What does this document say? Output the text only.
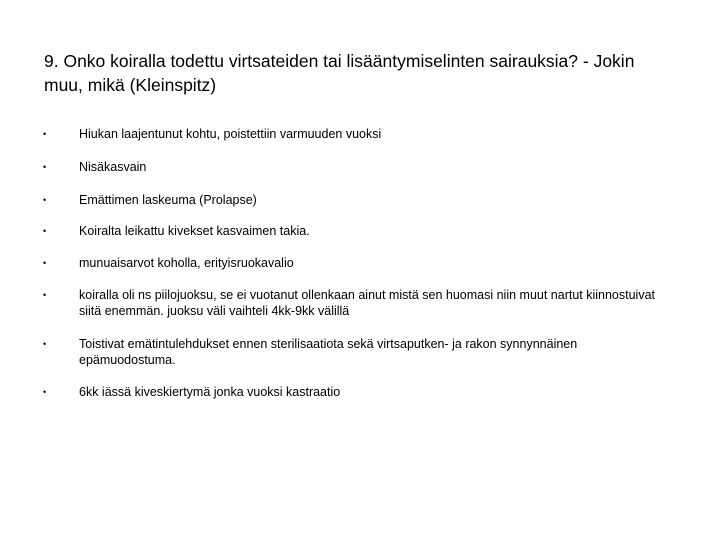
9. Onko koiralla todettu virtsateiden tai lisääntymiselinten sairauksia? - Jokin muu, mikä (Kleinspitz)
•	Hiukan laajentunut kohtu, poistettiin varmuuden vuoksi
•	Nisäkasvain
•	Emättimen laskeuma (Prolapse)
•	Koiralta leikattu kivekset kasvaimen takia.
•	munuaisarvot koholla, erityisruokavalio
•	koiralla oli ns piilojuoksu, se ei vuotanut ollenkaan ainut mistä sen huomasi niin muut nartut kiinnostuivat siitä enemmän. juoksu väli vaihteli 4kk-9kk välillä
•	Toistivat emätintulehdukset ennen sterilisaatiota sekä virtsaputken- ja rakon synnynnäinen epämuodostuma.
•	6kk iässä kiveskiertymä jonka vuoksi kastraatio
